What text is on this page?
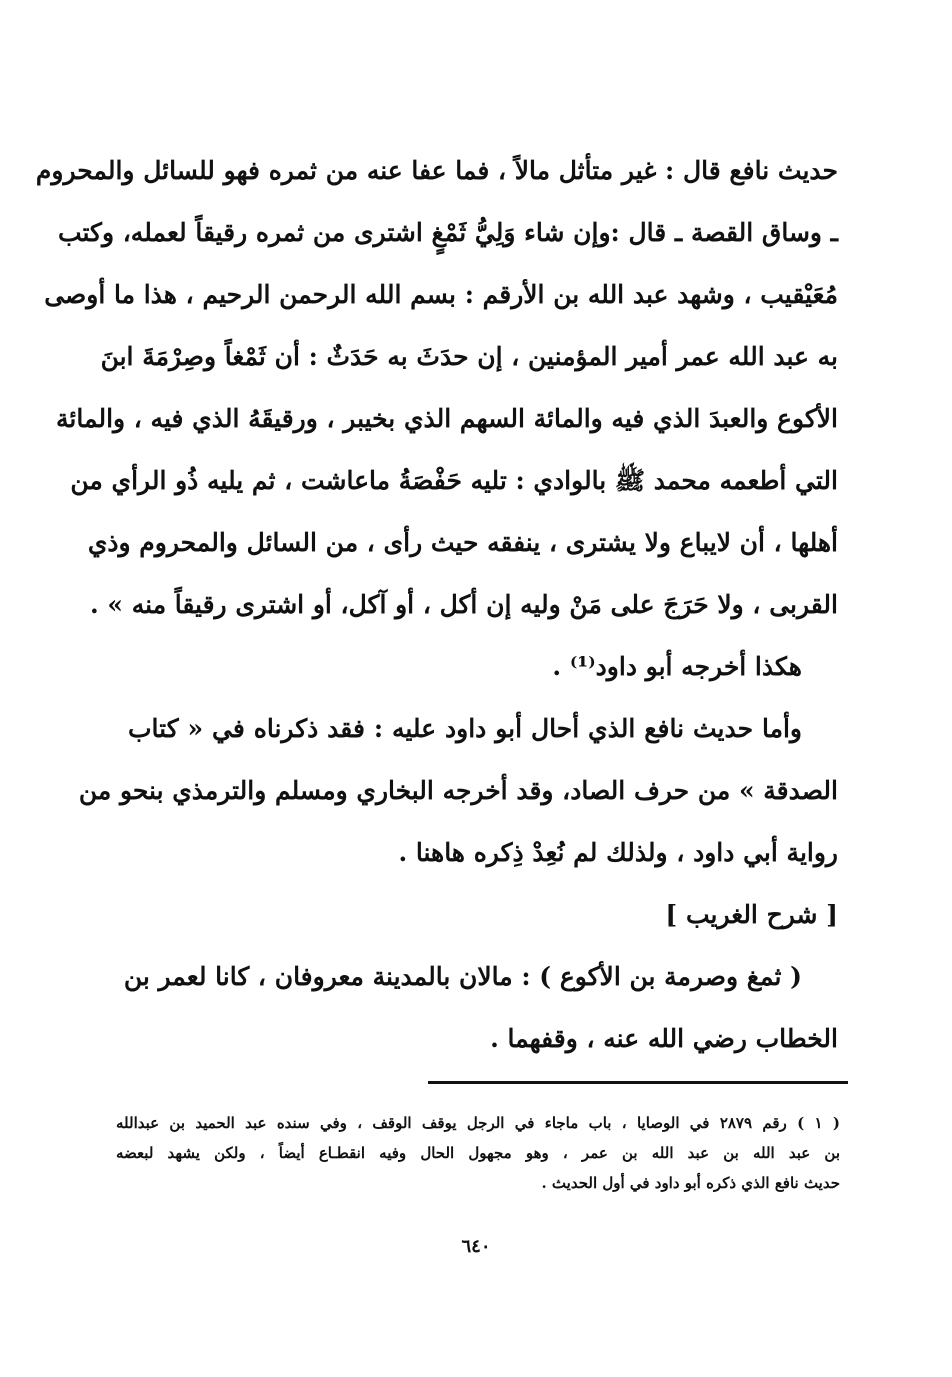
حديث نافع قال : غير متأثل مالاً ، فما عفا عنه من ثمره فهو للسائل والمحروم
ـ وساق القصة ـ قال :وإن شاء وَلِيُّ ثَمْغٍ اشترى من ثمره رقيقاً لعمله، وكتب
مُعَيْقيب ، وشهد عبد الله بن الأرقم : بسم الله الرحمن الرحيم ، هذا ما أوصى
به عبد الله عمر أمير المؤمنين ، إن حدَثَ به حَدَثٌ : أن ثَمْغاً وصِرْمَةَ ابنَ
الأكوع والعبدَ الذي فيه والمائة السهم الذي بخيبر ، ورقيقَهُ الذي فيه ، والمائة
التي أطعمه محمد ﷺ بالوادي : تليه حَفْصَةُ ماعاشت ، ثم يليه ذُو الرأي من
أهلها ، أن لايباع ولا يشترى ، ينفقه حيث رأى ، من السائل والمحروم وذي
القربى ، ولا حَرَجَ على مَنْ وليه إن أكل ، أو آكل، أو اشترى رقيقاً منه » .
هكذا أخرجه أبو داود⁽¹⁾ .
وأما حديث نافع الذي أحال أبو داود عليه : فقد ذكرناه في « كتاب
الصدقة » من حرف الصاد، وقد أخرجه البخاري ومسلم والترمذي بنحو من
رواية أبي داود ، ولذلك لم نُعِدْ ذِكره هاهنا .
[ شرح الغريب ]
( ثمغ وصرمة بن الأكوع ) : مالان بالمدينة معروفان ، كانا لعمر بن
الخطاب رضي الله عنه ، وقفهما .
( ١ ) رقم ٢٨٧٩ في الوصايا ، باب ماجاء في الرجل يوقف الوقف ، وفي سنده عبد الحميد بن عبدالله
بن عبد الله بن عبد الله بن عمر ، وهو مجهول الحال وفيه انقطـاع أيضاً ، ولكن يشهد لبعضه
حديث نافع الذي ذكره أبو داود في أول الحديث .
٦٤٠
